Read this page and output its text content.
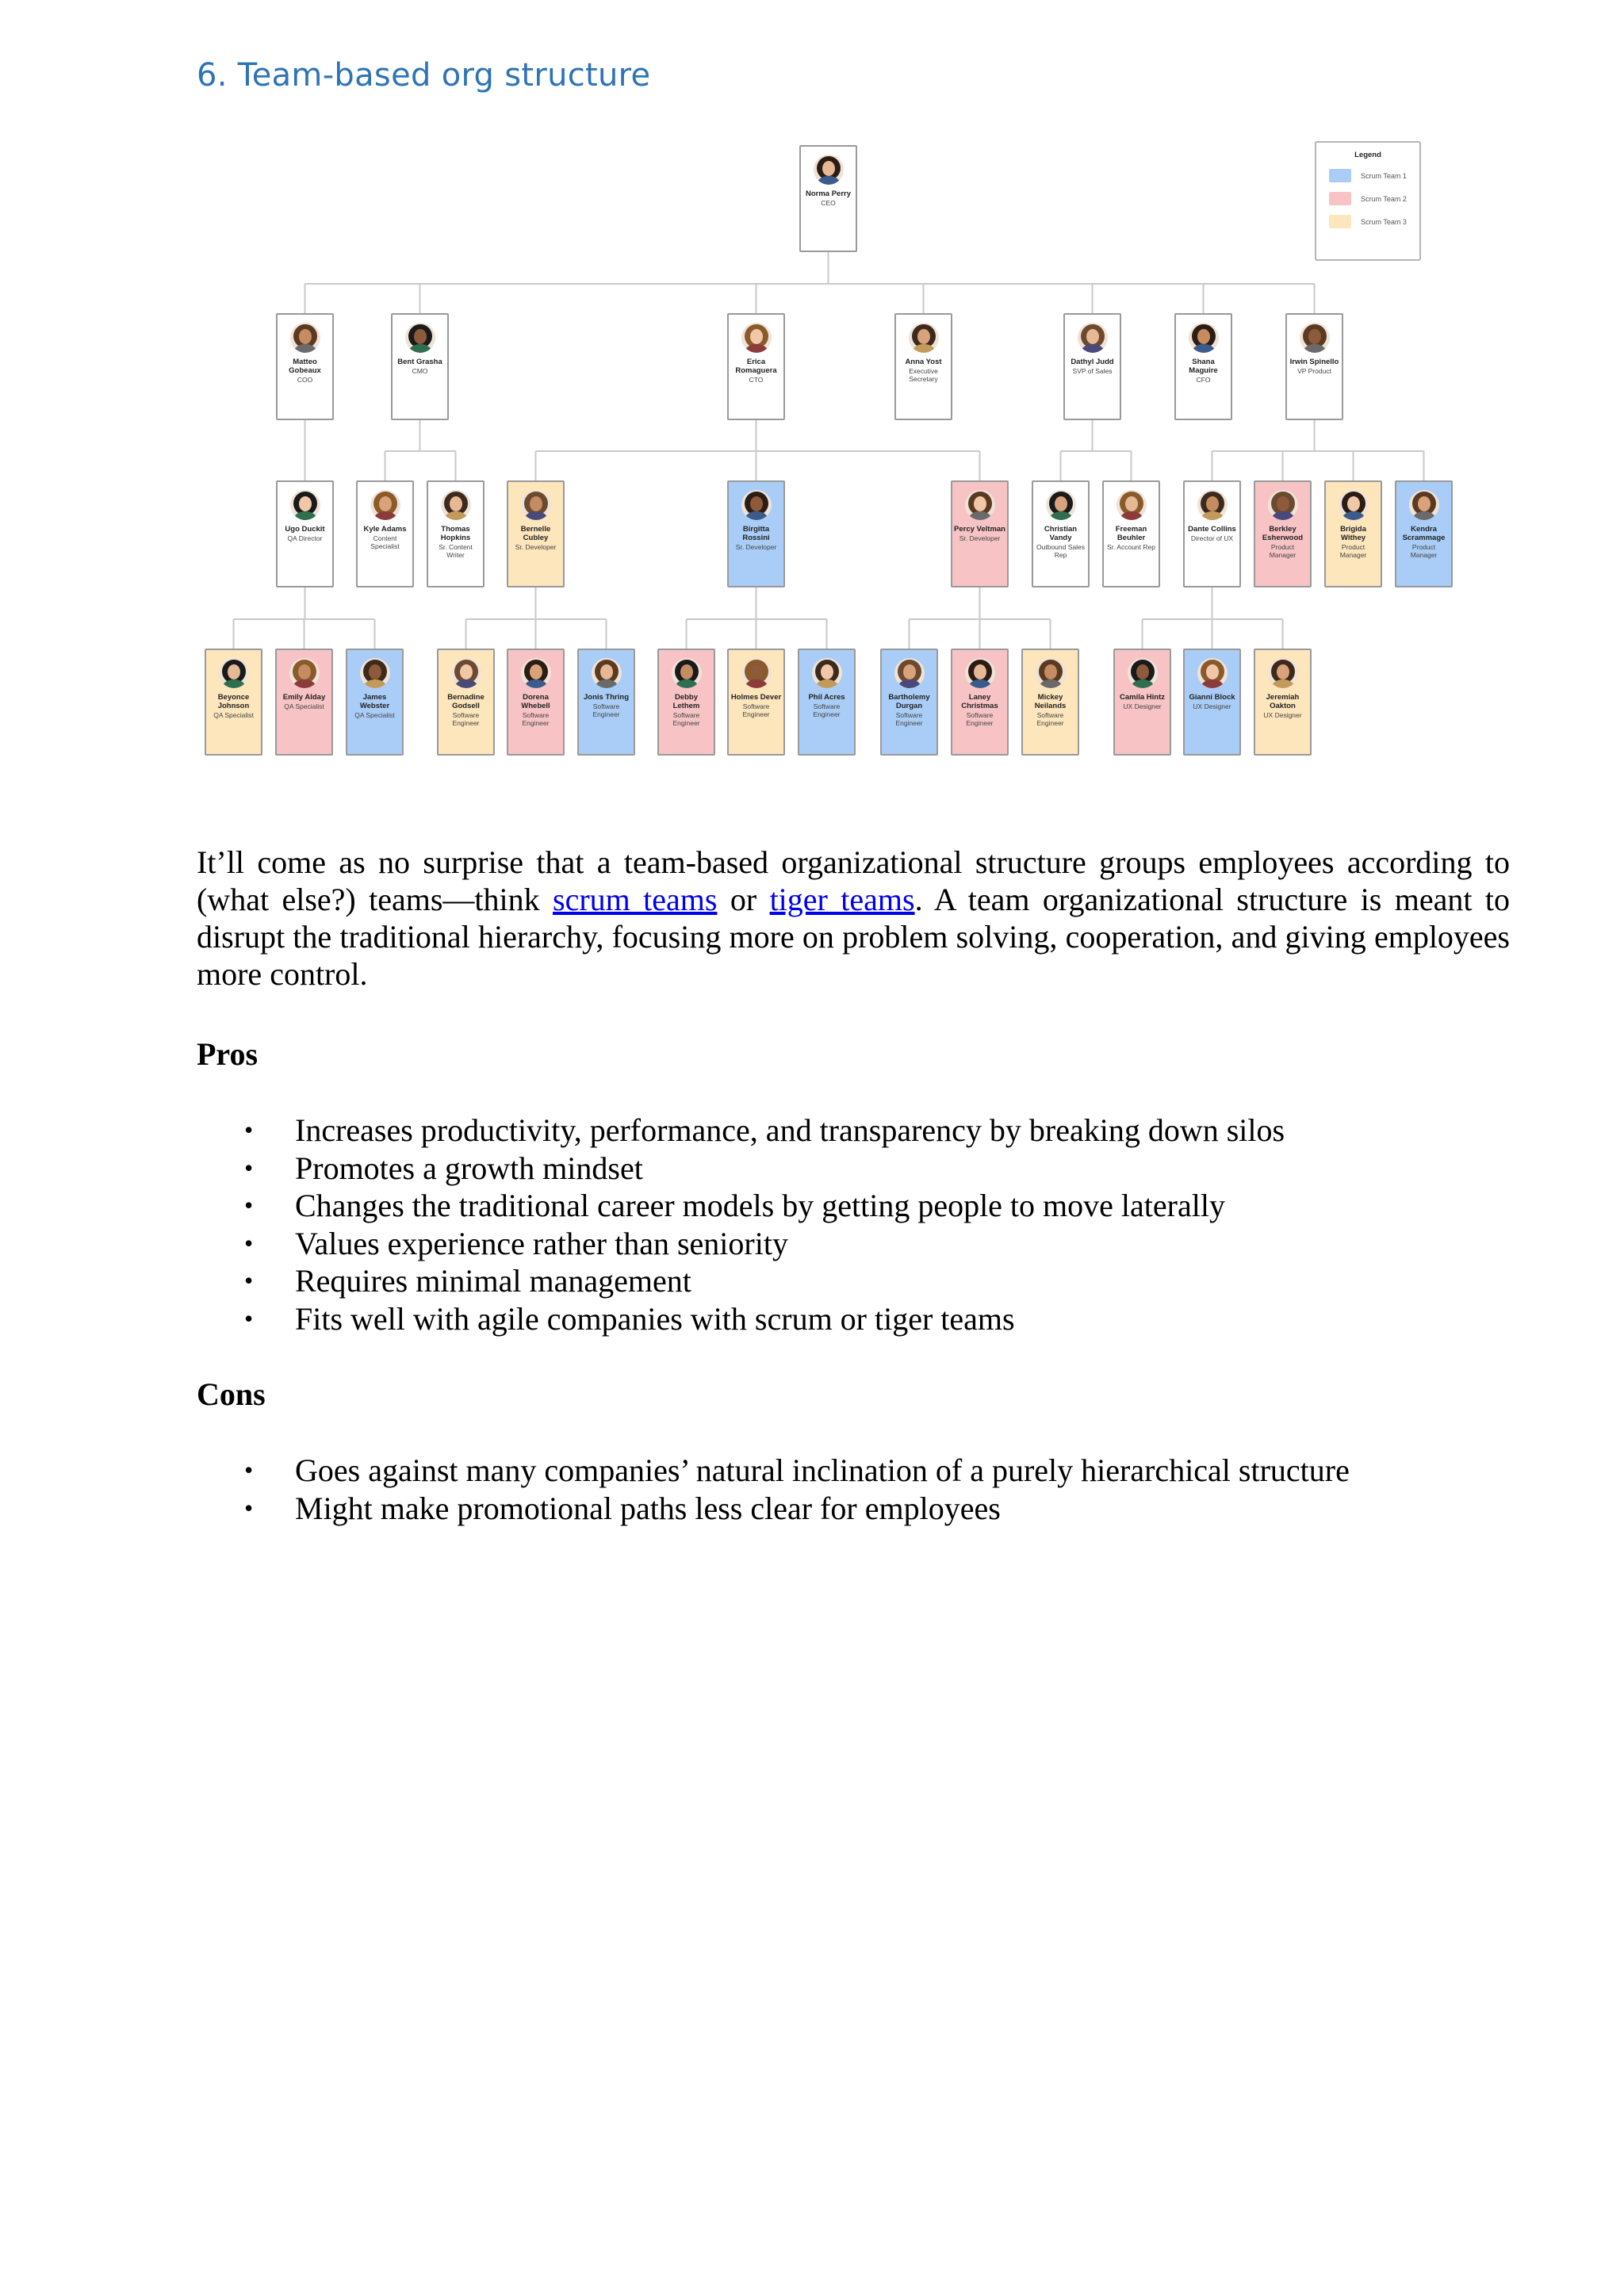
6. Team-based org structure
Legend
Scrum Team 1
Scrum Team 2
Scrum Team 3
Norma Perry
CEO
Matteo Gobeaux
COO
Bent Grasha
CMO
Erica Romaguera
CTO
Anna Yost
Executive Secretary
Dathyl Judd
SVP of Sales
Shana Maguire
CFO
Irwin Spinello
VP Product
Ugo Duckit
QA Director
Kyle Adams
Content Specialist
Thomas Hopkins
Sr. Content Writer
Bernelle Cubley
Sr. Developer
Birgitta Rossini
Sr. Developer
Percy Veltman
Sr. Developer
Christian Vandy
Outbound Sales Rep
Freeman Beuhler
Sr. Account Rep
Dante Collins
Director of UX
Berkley Esherwood
Product Manager
Brigida Withey
Product Manager
Kendra Scrammage
Product Manager
Beyonce Johnson
QA Specialist
Emily Alday
QA Specialist
James Webster
QA Specialist
Bernadine Godsell
Software Engineer
Dorena Whebell
Software Engineer
Jonis Thring
Software Engineer
Debby Lethem
Software Engineer
Holmes Dever
Software Engineer
Phil Acres
Software Engineer
Bartholemy Durgan
Software Engineer
Laney Christmas
Software Engineer
Mickey Neilands
Software Engineer
Camila Hintz
UX Designer
Gianni Block
UX Designer
Jeremiah Oakton
UX Designer

It’ll come as no surprise that a team-based organizational structure groups employees according to (what else?) teams—think scrum teams or tiger teams. A team organizational structure is meant to disrupt the traditional hierarchy, focusing more on problem solving, cooperation, and giving employees more control.

Pros

• Increases productivity, performance, and transparency by breaking down silos
• Promotes a growth mindset
• Changes the traditional career models by getting people to move laterally
• Values experience rather than seniority
• Requires minimal management
• Fits well with agile companies with scrum or tiger teams

Cons

• Goes against many companies’ natural inclination of a purely hierarchical structure
• Might make promotional paths less clear for employees
